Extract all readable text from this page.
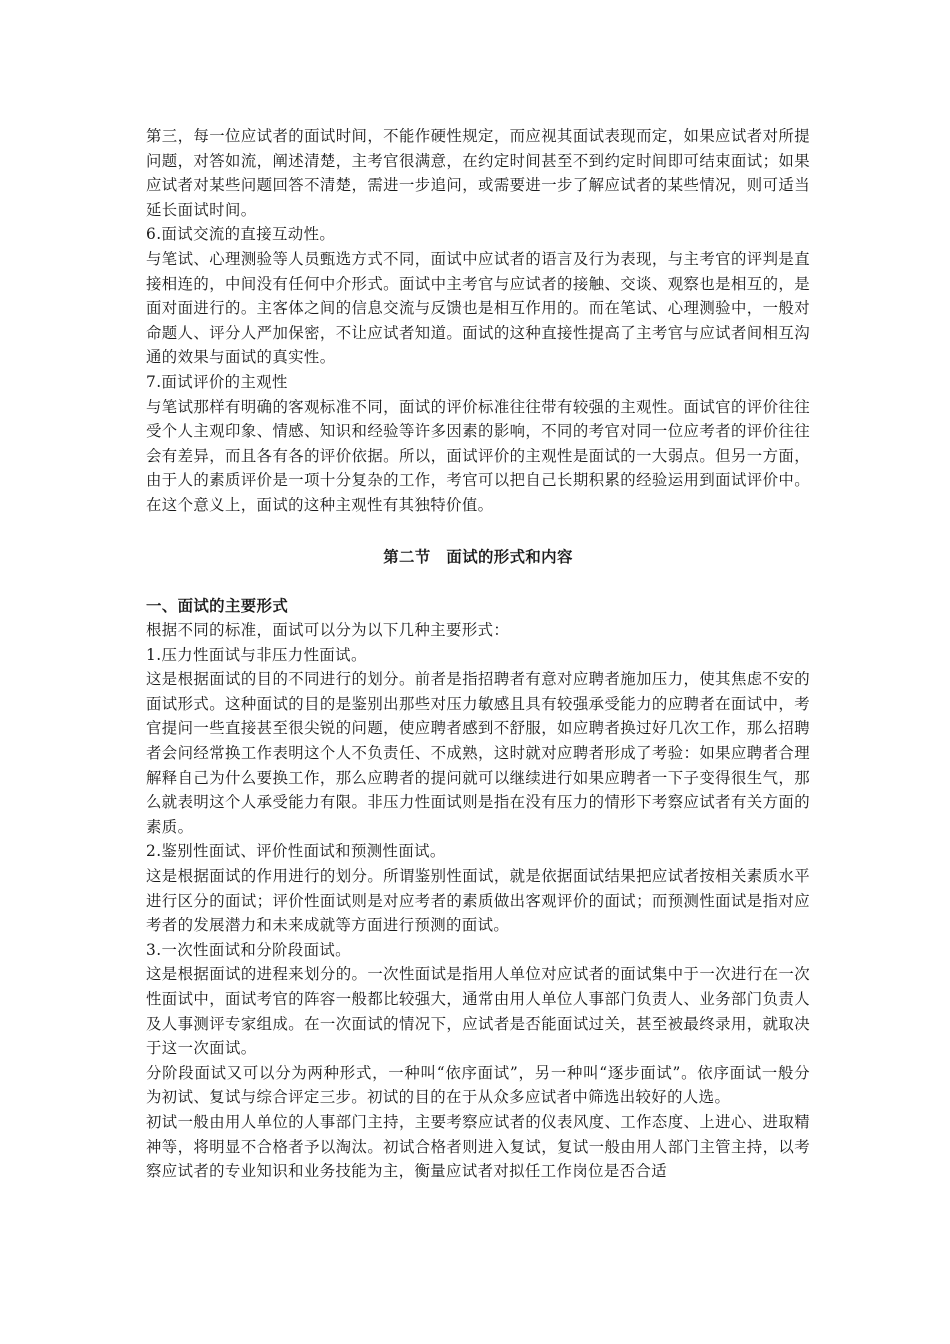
第三，每一位应试者的面试时间，不能作硬性规定，而应视其面试表现而定，如果应试者对所提问题，对答如流，阐述清楚，主考官很满意，在约定时间甚至不到约定时间即可结束面试；如果应试者对某些问题回答不清楚，需进一步追问，或需要进一步了解应试者的某些情况，则可适当延长面试时间。

6.面试交流的直接互动性。

与笔试、心理测验等人员甄选方式不同，面试中应试者的语言及行为表现，与主考官的评判是直接相连的，中间没有任何中介形式。面试中主考官与应试者的接触、交谈、观察也是相互的，是面对面进行的。主客体之间的信息交流与反馈也是相互作用的。而在笔试、心理测验中，一般对命题人、评分人严加保密，不让应试者知道。面试的这种直接性提高了主考官与应试者间相互沟通的效果与面试的真实性。

7.面试评价的主观性

与笔试那样有明确的客观标准不同，面试的评价标准往往带有较强的主观性。面试官的评价往往受个人主观印象、情感、知识和经验等许多因素的影响，不同的考官对同一位应考者的评价往往会有差异，而且各有各的评价依据。所以，面试评价的主观性是面试的一大弱点。但另一方面，由于人的素质评价是一项十分复杂的工作，考官可以把自己长期积累的经验运用到面试评价中。在这个意义上，面试的这种主观性有其独特价值。

第二节　面试的形式和内容

一、面试的主要形式

根据不同的标准，面试可以分为以下几种主要形式：

1.压力性面试与非压力性面试。

这是根据面试的目的不同进行的划分。前者是指招聘者有意对应聘者施加压力，使其焦虑不安的面试形式。这种面试的目的是鉴别出那些对压力敏感且具有较强承受能力的应聘者在面试中，考官提问一些直接甚至很尖锐的问题，使应聘者感到不舒服，如应聘者换过好几次工作，那么招聘者会问经常换工作表明这个人不负责任、不成熟，这时就对应聘者形成了考验：如果应聘者合理解释自己为什么要换工作，那么应聘者的提问就可以继续进行如果应聘者一下子变得很生气，那么就表明这个人承受能力有限。非压力性面试则是指在没有压力的情形下考察应试者有关方面的素质。

2.鉴别性面试、评价性面试和预测性面试。

这是根据面试的作用进行的划分。所谓鉴别性面试，就是依据面试结果把应试者按相关素质水平进行区分的面试；评价性面试则是对应考者的素质做出客观评价的面试；而预测性面试是指对应考者的发展潜力和未来成就等方面进行预测的面试。

3.一次性面试和分阶段面试。

这是根据面试的进程来划分的。一次性面试是指用人单位对应试者的面试集中于一次进行在一次性面试中，面试考官的阵容一般都比较强大，通常由用人单位人事部门负责人、业务部门负责人及人事测评专家组成。在一次面试的情况下，应试者是否能面试过关，甚至被最终录用，就取决于这一次面试。

分阶段面试又可以分为两种形式，一种叫“依序面试”，另一种叫“逐步面试”。依序面试一般分为初试、复试与综合评定三步。初试的目的在于从众多应试者中筛选出较好的人选。

初试一般由用人单位的人事部门主持，主要考察应试者的仪表风度、工作态度、上进心、进取精神等，将明显不合格者予以淘汰。初试合格者则进入复试，复试一般由用人部门主管主持，以考察应试者的专业知识和业务技能为主，衡量应试者对拟任工作岗位是否合适
